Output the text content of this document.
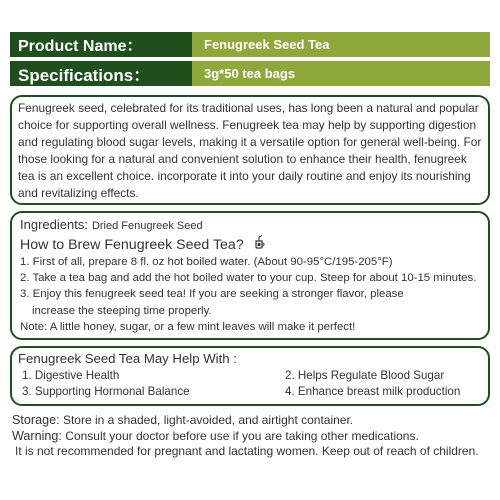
Product Name：	Fenugreek Seed Tea
Specifications：	3g*50 tea bags

Fenugreek seed, celebrated for its traditional uses, has long been a natural and popular choice for supporting overall wellness. Fenugreek tea may help by supporting digestion and regulating blood sugar levels, making it a versatile option for general well-being. For those looking for a natural and convenient solution to enhance their health, fenugreek tea is an excellent choice. incorporate it into your daily routine and enjoy its nourishing and revitalizing effects.

Ingredients: Dried Fenugreek Seed
How to Brew Fenugreek Seed Tea?
1. First of all, prepare 8 fl. oz hot boiled water. (About 90-95°C/195-205°F)
2. Take a tea bag and add the hot boiled water to your cup. Steep for about 10-15 minutes.
3. Enjoy this fenugreek seed tea! If you are seeking a stronger flavor, please
increase the steeping time properly.
Note: A little honey, sugar, or a few mint leaves will make it perfect!
Fenugreek Seed Tea May Help With :
1. Digestive Health	2. Helps Regulate Blood Sugar
3. Supporting Hormonal Balance	4. Enhance breast milk production
Storage: Store in a shaded, light-avoided, and airtight container.
Warning: Consult your doctor before use if you are taking other medications.
It is not recommended for pregnant and lactating women. Keep out of reach of children.
